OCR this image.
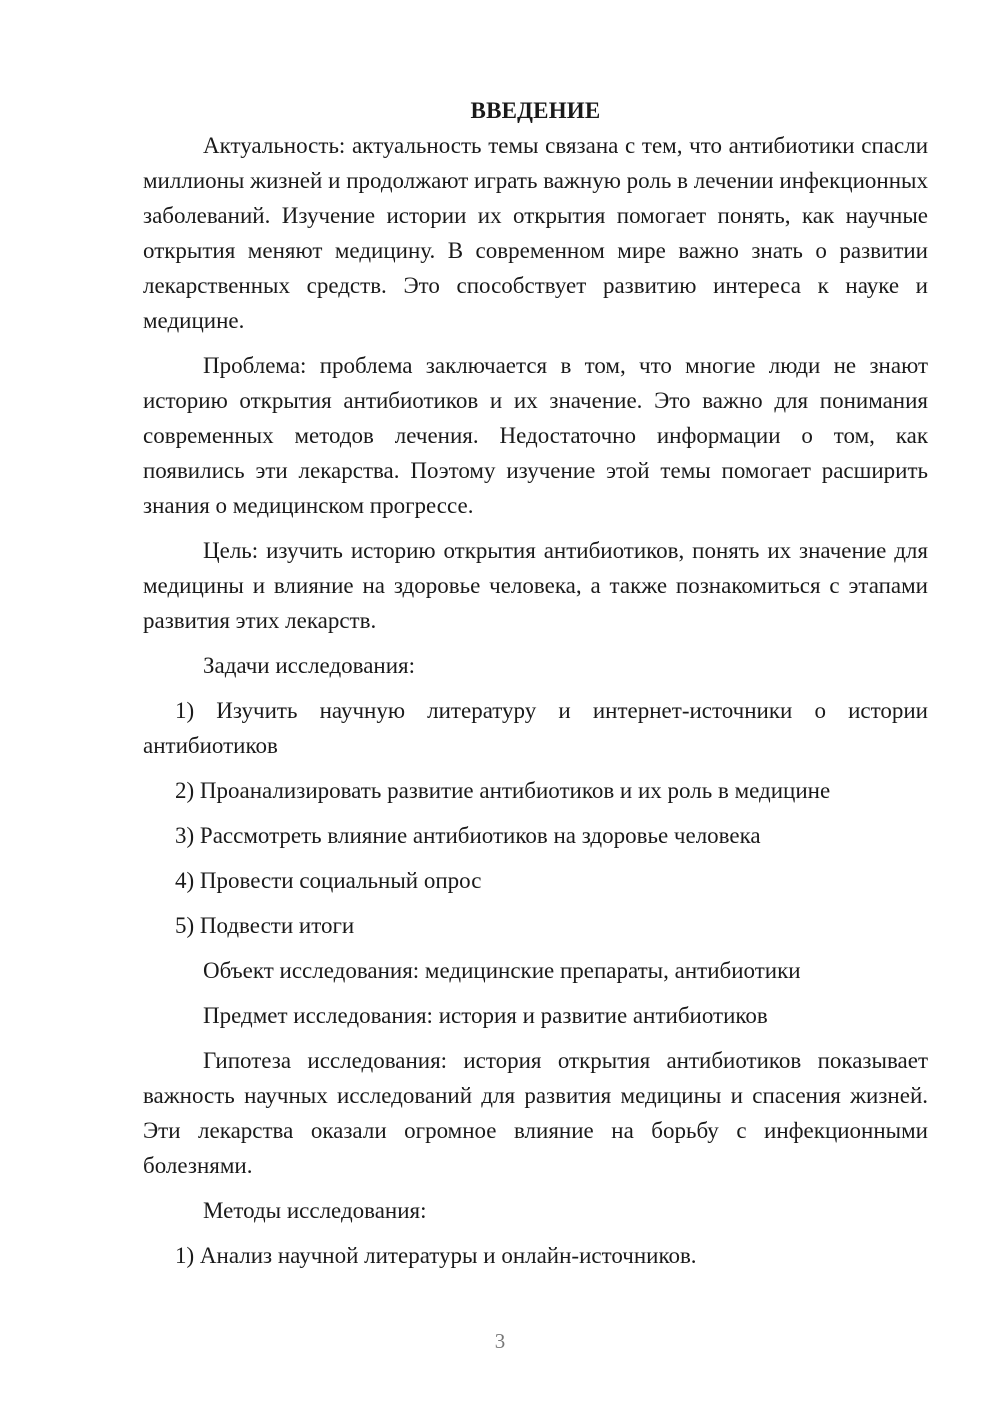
ВВЕДЕНИЕ

Актуальность: актуальность темы связана с тем, что антибиотики спасли миллионы жизней и продолжают играть важную роль в лечении инфекционных заболеваний. Изучение истории их открытия помогает понять, как научные открытия меняют медицину. В современном мире важно знать о развитии лекарственных средств. Это способствует развитию интереса к науке и медицине.

Проблема: проблема заключается в том, что многие люди не знают историю открытия антибиотиков и их значение. Это важно для понимания современных методов лечения. Недостаточно информации о том, как появились эти лекарства. Поэтому изучение этой темы помогает расширить знания о медицинском прогрессе.

Цель: изучить историю открытия антибиотиков, понять их значение для медицины и влияние на здоровье человека, а также познакомиться с этапами развития этих лекарств.

Задачи исследования:

1) Изучить научную литературу и интернет-источники о истории антибиотиков

2) Проанализировать развитие антибиотиков и их роль в медицине

3) Рассмотреть влияние антибиотиков на здоровье человека

4) Провести социальный опрос

5) Подвести итоги

Объект исследования: медицинские препараты, антибиотики

Предмет исследования: история и развитие антибиотиков

Гипотеза исследования: история открытия антибиотиков показывает важность научных исследований для развития медицины и спасения жизней. Эти лекарства оказали огромное влияние на борьбу с инфекционными болезнями.

Методы исследования:

1) Анализ научной литературы и онлайн-источников.

3
